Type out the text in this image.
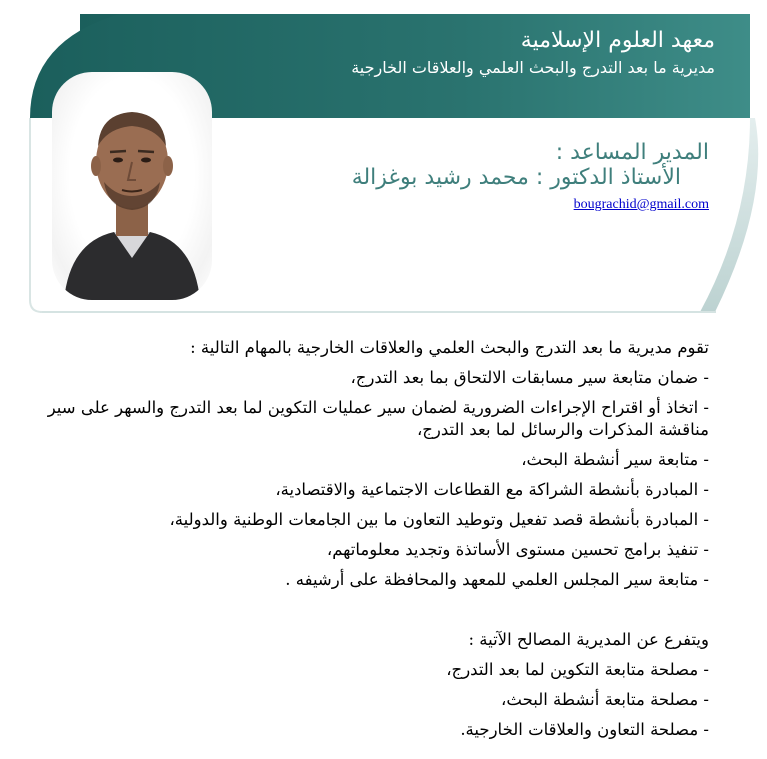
معهد العلوم الإسلامية
مديرية ما بعد التدرج والبحث العلمي والعلاقات الخارجية
المدير المساعد :
الأستاذ الدكتور : محمد رشيد بوغزالة
bougrachid@gmail.com

تقوم مديرية ما بعد التدرج والبحث العلمي والعلاقات الخارجية بالمهام التالية :

- ضمان متابعة سير مسابقات الالتحاق بما بعد التدرج،

- اتخاذ أو اقتراح الإجراءات الضرورية لضمان سير عمليات التكوين لما بعد التدرج والسهر على سير مناقشة المذكرات والرسائل لما بعد التدرج،

- متابعة سير أنشطة البحث،

- المبادرة بأنشطة الشراكة مع القطاعات الاجتماعية والاقتصادية،

- المبادرة بأنشطة قصد تفعيل وتوطيد التعاون ما بين الجامعات الوطنية والدولية،

- تنفيذ برامج تحسين مستوى الأساتذة وتجديد معلوماتهم،

- متابعة سير المجلس العلمي للمعهد والمحافظة على أرشيفه .

ويتفرع عن المديرية المصالح الآتية :

- مصلحة متابعة التكوين لما بعد التدرج،

- مصلحة متابعة أنشطة البحث،

- مصلحة التعاون والعلاقات الخارجية.
